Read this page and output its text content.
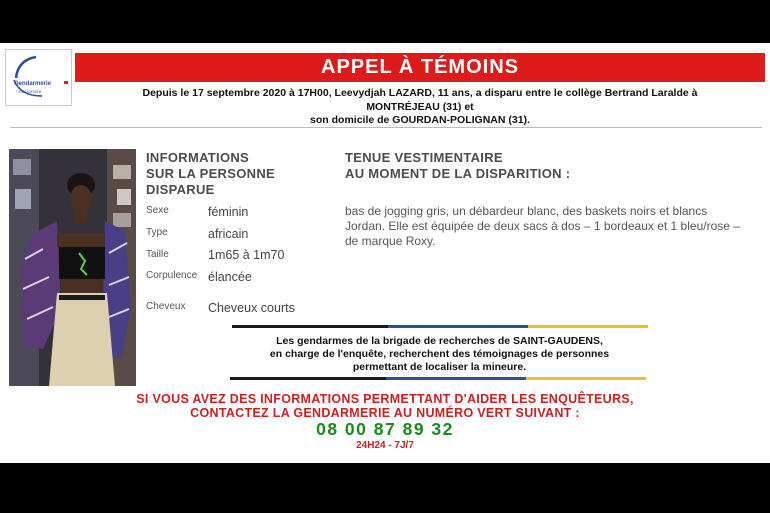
Gendarmerie
nationale
APPEL À TÉMOINS
Depuis le 17 septembre 2020 à 17H00, Leevydjah LAZARD, 11 ans, a disparu entre le collège Bertrand Laralde à
MONTRÉJEAU (31) et
son domicile de GOURDAN-POLIGNAN (31).
INFORMATIONS
SUR LA PERSONNE
DISPARUE
Sexe	féminin
Type	africain
Taille	1m65 à 1m70
Corpulence élancée
Cheveux	Cheveux courts
TENUE VESTIMENTAIRE
AU MOMENT DE LA DISPARITION :
bas de jogging gris, un débardeur blanc, des baskets noirs et blancs Jordan. Elle est équipée de deux sacs à dos – 1 bordeaux et 1 bleu/rose – de marque Roxy.
Les gendarmes de la brigade de recherches de SAINT-GAUDENS,
en charge de l'enquête, recherchent des témoignages de personnes
permettant de localiser la mineure.
SI VOUS AVEZ DES INFORMATIONS PERMETTANT D'AIDER LES ENQUÊTEURS,
CONTACTEZ LA GENDARMERIE AU NUMÉRO VERT SUIVANT :
08 00 87 89 32
24H24 - 7J/7
